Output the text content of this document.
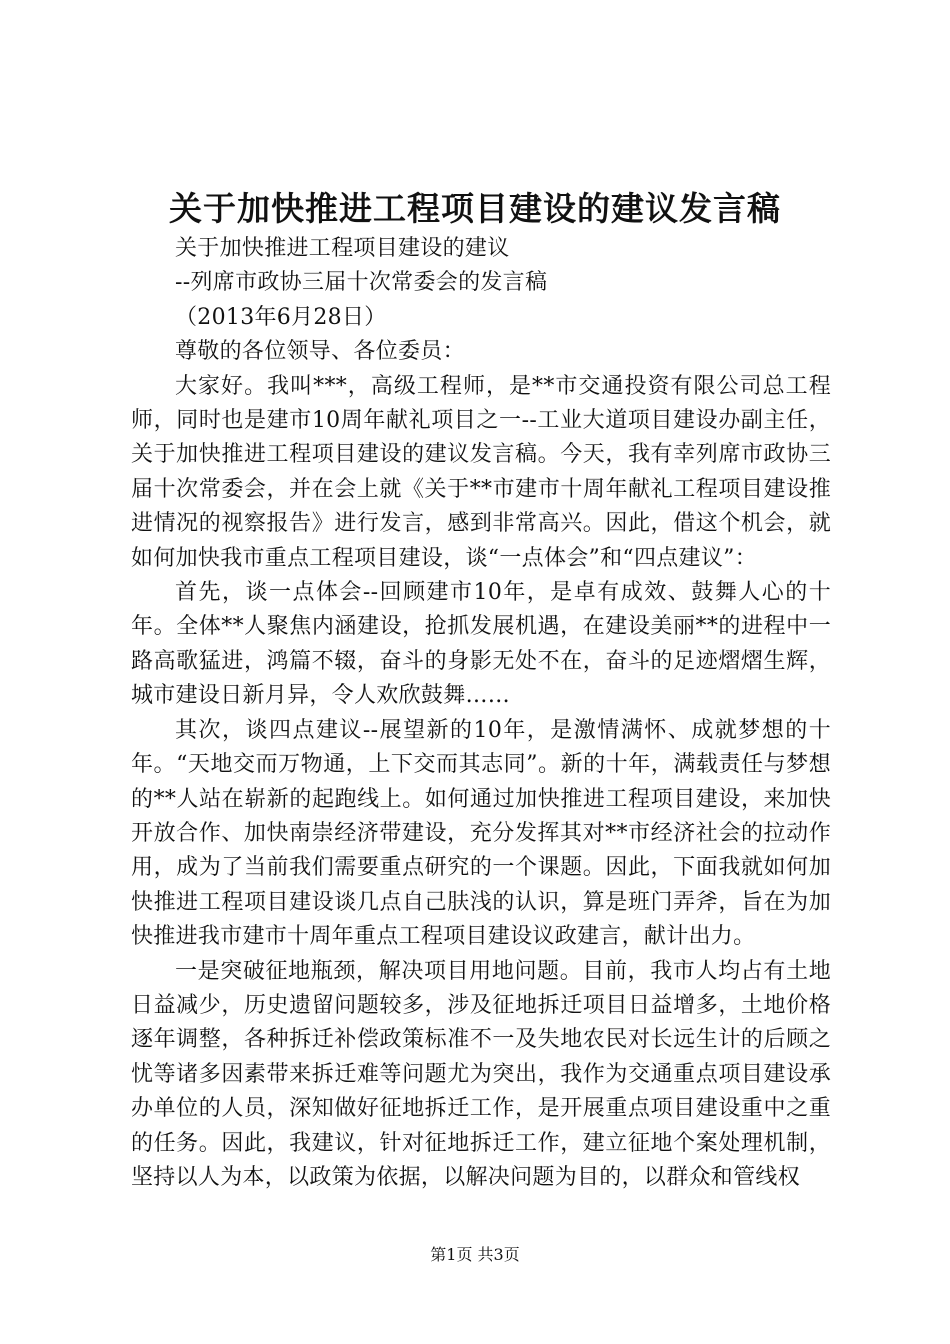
关于加快推进工程项目建设的建议发言稿

关于加快推进工程项目建设的建议

--列席市政协三届十次常委会的发言稿

（2013年6月28日）

尊敬的各位领导、各位委员：

大家好。我叫***，高级工程师，是**市交通投资有限公司总工程师，同时也是建市10周年献礼项目之一--工业大道项目建设办副主任，关于加快推进工程项目建设的建议发言稿。今天，我有幸列席市政协三届十次常委会，并在会上就《关于**市建市十周年献礼工程项目建设推进情况的视察报告》进行发言，感到非常高兴。因此，借这个机会，就如何加快我市重点工程项目建设，谈“一点体会”和“四点建议”：

首先，谈一点体会--回顾建市10年，是卓有成效、鼓舞人心的十年。全体**人聚焦内涵建设，抢抓发展机遇，在建设美丽**的进程中一路高歌猛进，鸿篇不辍，奋斗的身影无处不在，奋斗的足迹熠熠生辉，城市建设日新月异，令人欢欣鼓舞……

其次，谈四点建议--展望新的10年，是激情满怀、成就梦想的十年。“天地交而万物通，上下交而其志同”。新的十年，满载责任与梦想的**人站在崭新的起跑线上。如何通过加快推进工程项目建设，来加快开放合作、加快南崇经济带建设，充分发挥其对**市经济社会的拉动作用，成为了当前我们需要重点研究的一个课题。因此，下面我就如何加快推进工程项目建设谈几点自己肤浅的认识，算是班门弄斧，旨在为加快推进我市建市十周年重点工程项目建设议政建言，献计出力。

一是突破征地瓶颈，解决项目用地问题。目前，我市人均占有土地日益减少，历史遗留问题较多，涉及征地拆迁项目日益增多，土地价格逐年调整，各种拆迁补偿政策标准不一及失地农民对长远生计的后顾之忧等诸多因素带来拆迁难等问题尤为突出，我作为交通重点项目建设承办单位的人员，深知做好征地拆迁工作，是开展重点项目建设重中之重的任务。因此，我建议，针对征地拆迁工作，建立征地个案处理机制，坚持以人为本，以政策为依据，以解决问题为目的，以群众和管线权

第1页 共3页
